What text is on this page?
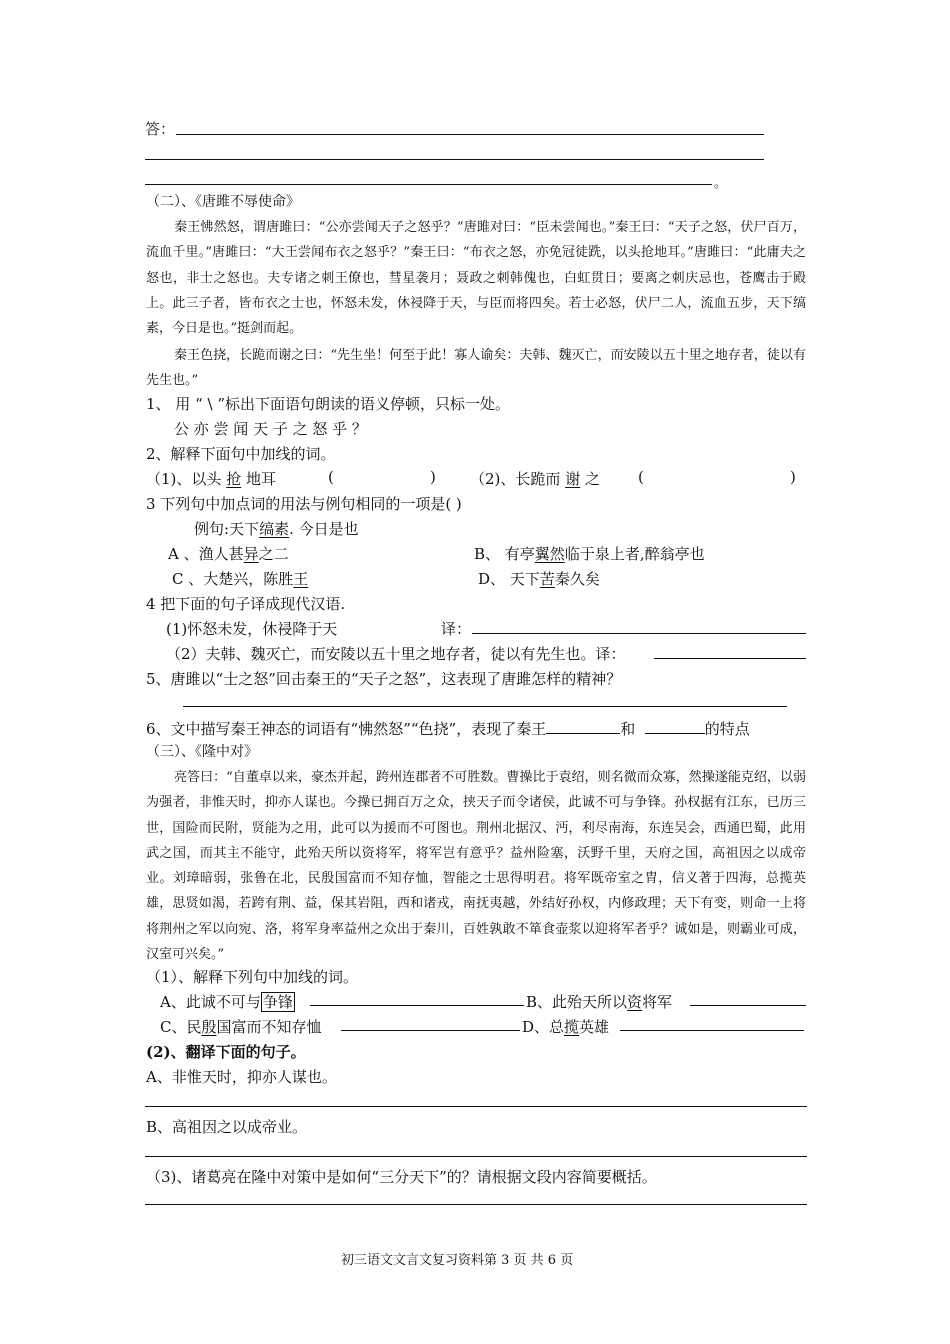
答：
。
（二）、《唐雎不辱使命》
秦王怫然怒，谓唐雎曰：“公亦尝闻天子之怒乎？”唐雎对曰：“臣未尝闻也。”秦王曰：“天子之怒，伏尸百万，流血千里。”唐雎曰：“大王尝闻布衣之怒乎？”秦王曰：“布衣之怒，亦免冠徒跣，以头抢地耳。”唐雎曰：“此庸夫之怒也，非士之怒也。夫专诸之刺王僚也，彗星袭月；聂政之刺韩傀也，白虹贯日；要离之刺庆忌也，苍鹰击于殿上。此三子者，皆布衣之士也，怀怒未发，休祲降于天，与臣而将四矣。若士必怒，伏尸二人，流血五步，天下缟素，今日是也。”挺剑而起。
秦王色挠，长跪而谢之曰：“先生坐！何至于此！寡人谕矣：夫韩、魏灭亡，而安陵以五十里之地存者，徒以有先生也。”
1、 用 “ \ ”标出下面语句朗读的语义停顿，只标一处。
公 亦 尝 闻 天 子 之 怒 乎 ？
2、解释下面句中加线的词。
（1)、以头 抢 地耳	(	) （2)、长跪而 谢 之	(	)
3 下列句中加点词的用法与例句相同的一项是( )
例句:天下缟素. 今日是也
A 、渔人甚异之二	B、 有亭翼然临于泉上者,醉翁亭也
C 、大楚兴，陈胜王	D、 天下苦秦久矣
4 把下面的句子译成现代汉语.
(1)怀怒未发，休祲降于天	译：
（2）夫韩、魏灭亡，而安陵以五十里之地存者，徒以有先生也。译：
5、唐雎以“士之怒”回击秦王的“天子之怒”，这表现了唐雎怎样的精神？
6、文中描写秦王神态的词语有“怫然怒”“色挠”，表现了秦王	和	的特点
（三）、《隆中对》
亮答曰：“自董卓以来，豪杰并起，跨州连郡者不可胜数。曹操比于袁绍，则名微而众寡，然操遂能克绍，以弱为强者，非惟天时，抑亦人谋也。今操已拥百万之众，挟天子而令诸侯，此诚不可与争锋。孙权据有江东，已历三世，国险而民附，贤能为之用，此可以为援而不可图也。荆州北据汉、沔，利尽南海，东连吴会，西通巴蜀，此用武之国，而其主不能守，此殆天所以资将军，将军岂有意乎？益州险塞，沃野千里，天府之国，高祖因之以成帝业。刘璋暗弱，张鲁在北，民殷国富而不知存恤，智能之士思得明君。将军既帝室之胄，信义著于四海，总揽英雄，思贤如渴，若跨有荆、益，保其岩阻，西和诸戎，南抚夷越，外结好孙权，内修政理；天下有变，则命一上将将荆州之军以向宛、洛，将军身率益州之众出于秦川，百姓孰敢不箪食壶浆以迎将军者乎？诚如是，则霸业可成，汉室可兴矣。”
（1）、解释下列句中加线的词。
A、此诚不可与 争锋	B、此殆天所以资将军
C、民殷国富而不知存恤	D、总揽英雄
(2)、翻译下面的句子。
A、非惟天时，抑亦人谋也。
B、高祖因之以成帝业。
（3)、诸葛亮在隆中对策中是如何“三分天下”的？请根据文段内容简要概括。
初三语文文言文复习资料第 3 页 共 6 页
